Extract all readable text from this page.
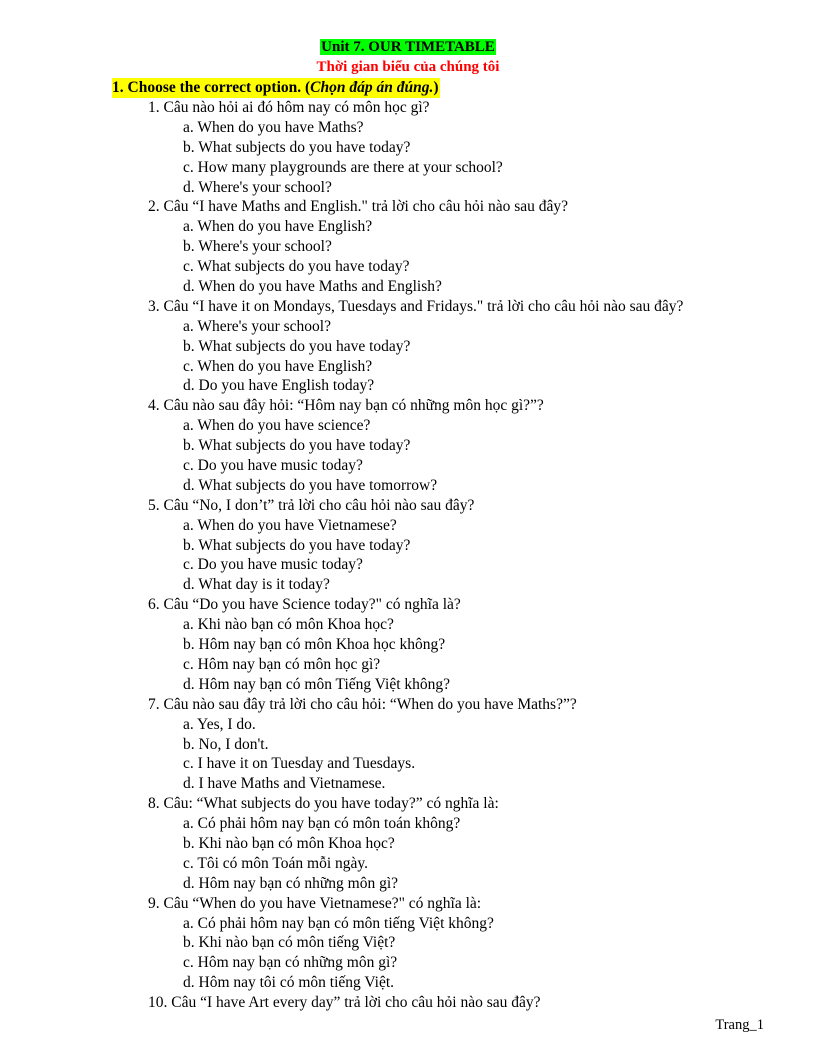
Unit 7. OUR TIMETABLE
Thời gian biểu của chúng tôi
1. Choose the correct option. (Chọn đáp án đúng.)
1. Câu nào hỏi ai đó hôm nay có môn học gì?
a. When do you have Maths?
b. What subjects do you have today?
c. How many playgrounds are there at your school?
d. Where's your school?
2. Câu “I have Maths and English." trả lời cho câu hỏi nào sau đây?
a. When do you have English?
b. Where's your school?
c. What subjects do you have today?
d. When do you have Maths and English?
3. Câu “I have it on Mondays, Tuesdays and Fridays." trả lời cho câu hỏi nào sau đây?
a. Where's your school?
b. What subjects do you have today?
c. When do you have English?
d. Do you have English today?
4. Câu nào sau đây hỏi: “Hôm nay bạn có những môn học gì?”?
a. When do you have science?
b. What subjects do you have today?
c. Do you have music today?
d. What subjects do you have tomorrow?
5. Câu “No, I don’t” trả lời cho câu hỏi nào sau đây?
a. When do you have Vietnamese?
b. What subjects do you have today?
c. Do you have music today?
d. What day is it today?
6. Câu “Do you have Science today?" có nghĩa là?
a. Khi nào bạn có môn Khoa học?
b. Hôm nay bạn có môn Khoa học không?
c. Hôm nay bạn có môn học gì?
d. Hôm nay bạn có môn Tiếng Việt không?
7. Câu nào sau đây trả lời cho câu hỏi: “When do you have Maths?”?
a. Yes, I do.
b. No, I don't.
c. I have it on Tuesday and Tuesdays.
d. I have Maths and Vietnamese.
8. Câu: “What subjects do you have today?” có nghĩa là:
a. Có phải hôm nay bạn có môn toán không?
b. Khi nào bạn có môn Khoa học?
c. Tôi có môn Toán mỗi ngày.
d. Hôm nay bạn có những môn gì?
9. Câu “When do you have Vietnamese?" có nghĩa là:
a. Có phải hôm nay bạn có môn tiếng Việt không?
b. Khi nào bạn có môn tiếng Việt?
c. Hôm nay bạn có những môn gì?
d. Hôm nay tôi có môn tiếng Việt.
10. Câu “I have Art every day” trả lời cho câu hỏi nào sau đây?
Trang_1
